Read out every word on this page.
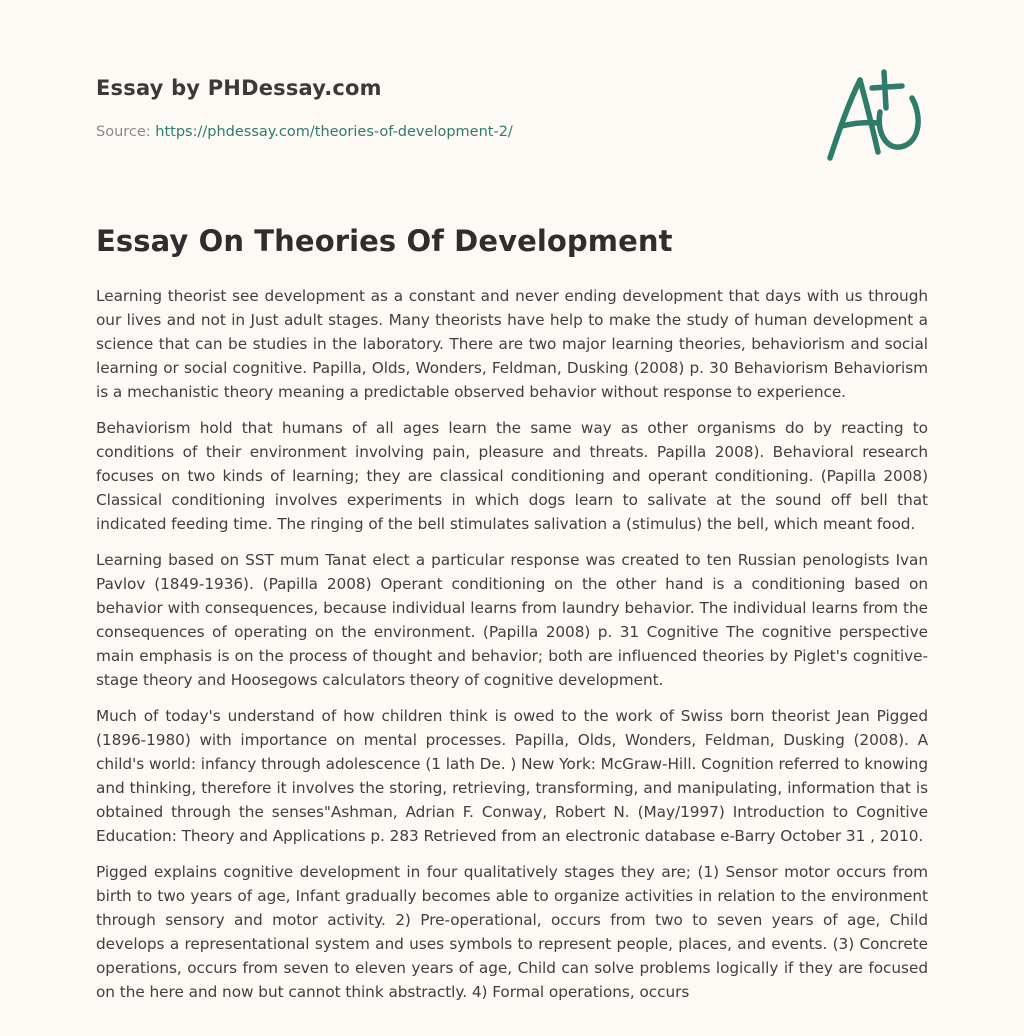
Essay by PHDessay.com
Source: https://phdessay.com/theories-of-development-2/
Essay On Theories Of Development

Learning theorist see development as a constant and never ending development that days with us through our lives and not in Just adult stages. Many theorists have help to make the study of human development a science that can be studies in the laboratory. There are two major learning theories, behaviorism and social learning or social cognitive. Papilla, Olds, Wonders, Feldman, Dusking (2008) p. 30 Behaviorism Behaviorism is a mechanistic theory meaning a predictable observed behavior without response to experience.

Behaviorism hold that humans of all ages learn the same way as other organisms do by reacting to conditions of their environment involving pain, pleasure and threats. Papilla 2008). Behavioral research focuses on two kinds of learning; they are classical conditioning and operant conditioning. (Papilla 2008) Classical conditioning involves experiments in which dogs learn to salivate at the sound off bell that indicated feeding time. The ringing of the bell stimulates salivation a (stimulus) the bell, which meant food.

Learning based on SST mum Tanat elect a particular response was created to ten Russian penologists Ivan Pavlov (1849-1936). (Papilla 2008) Operant conditioning on the other hand is a conditioning based on behavior with consequences, because individual learns from laundry behavior. The individual learns from the consequences of operating on the environment. (Papilla 2008) p. 31 Cognitive The cognitive perspective main emphasis is on the process of thought and behavior; both are influenced theories by Piglet's cognitive-stage theory and Hoosegows calculators theory of cognitive development.

Much of today's understand of how children think is owed to the work of Swiss born theorist Jean Pigged (1896-1980) with importance on mental processes. Papilla, Olds, Wonders, Feldman, Dusking (2008). A child's world: infancy through adolescence (1 lath De. ) New York: McGraw-Hill. Cognition referred to knowing and thinking, therefore it involves the storing, retrieving, transforming, and manipulating, information that is obtained through the senses"Ashman, Adrian F. Conway, Robert N. (May/1997) Introduction to Cognitive Education: Theory and Applications p. 283 Retrieved from an electronic database e-Barry October 31 , 2010.

Pigged explains cognitive development in four qualitatively stages they are; (1) Sensor motor occurs from birth to two years of age, Infant gradually becomes able to organize activities in relation to the environment through sensory and motor activity. 2) Pre-operational, occurs from two to seven years of age, Child develops a representational system and uses symbols to represent people, places, and events. (3) Concrete operations, occurs from seven to eleven years of age, Child can solve problems logically if they are focused on the here and now but cannot think abstractly. 4) Formal operations, occurs
